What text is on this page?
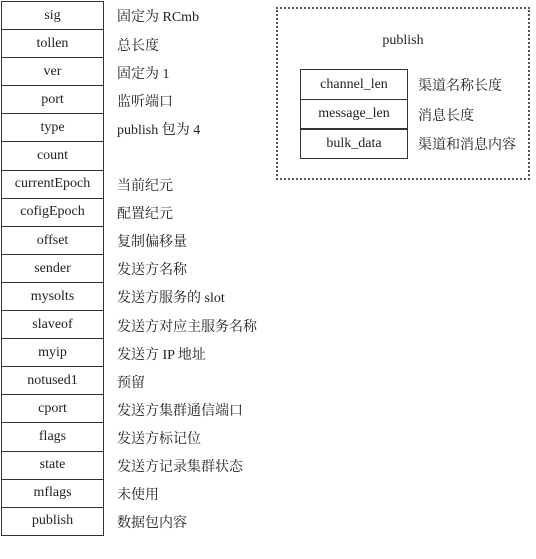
sig
tollen
ver
port
type
count
currentEpoch
cofigEpoch
offset
sender
mysolts
slaveof
myip
notused1
cport
flags
state
mflags
publish
固定为 RCmb
总长度
固定为 1
监听端口
publish 包为 4
当前纪元
配置纪元
复制偏移量
发送方名称
发送方服务的 slot
发送方对应主服务名称
发送方 IP 地址
预留
发送方集群通信端口
发送方标记位
发送方记录集群状态
未使用
数据包内容
publish
channel_len
message_len
bulk_data
渠道名称长度
消息长度
渠道和消息内容
